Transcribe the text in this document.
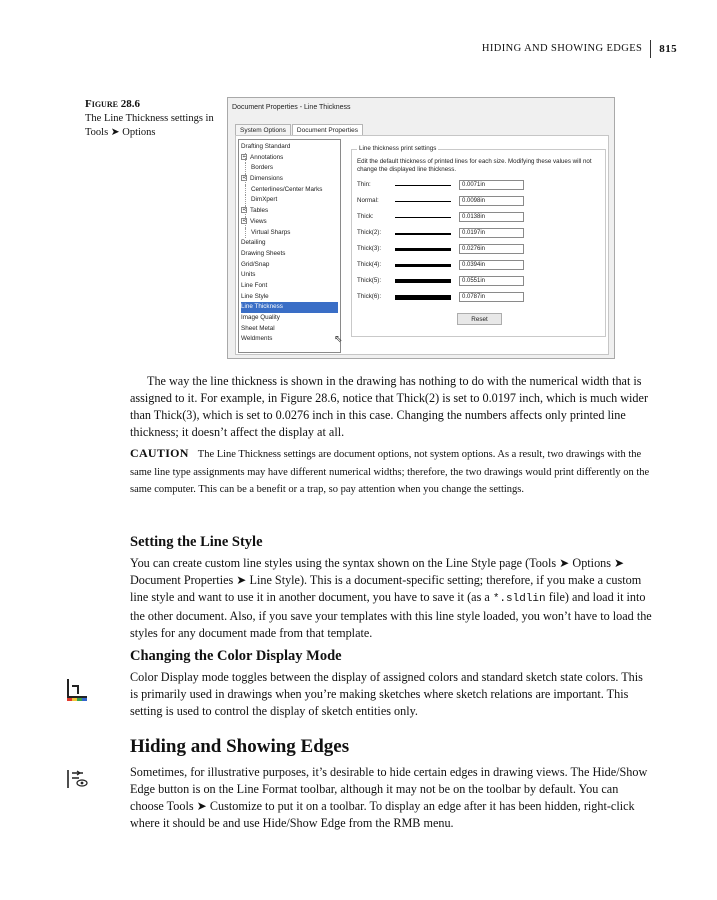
HIDING AND SHOWING EDGES	815
Figure 28.6
The Line Thickness settings in Tools ➤ Options
Document Properties - Line Thickness
System Options	Document Properties
Drafting Standard
+ Annotations
Borders
+ Dimensions
Centerlines/Center Marks
DimXpert
+ Tables
+ Views
Virtual Sharps
Detailing
Drawing Sheets
Grid/Snap
Units
Line Font
Line Style
Line Thickness
Image Quality
Sheet Metal
Weldments	⇖
Line thickness print settings
Edit the default thickness of printed lines for each size. Modifying these values will not change the displayed line thickness.
Thin:	0.0071in
Normal:	0.0098in
Thick:	0.0138in
Thick(2):	0.0197in
Thick(3):	0.0276in
Thick(4):	0.0394in
Thick(5):	0.0551in
Thick(6):	0.0787in
Reset

The way the line thickness is shown in the drawing has nothing to do with the numerical width that is assigned to it. For example, in Figure 28.6, notice that Thick(2) is set to 0.0197 inch, which is much wider than Thick(3), which is set to 0.0276 inch in this case. Changing the numbers affects only printed line thickness; it doesn’t affect the display at all.

CAUTION The Line Thickness settings are document options, not system options. As a result, two drawings with the same line type assignments may have different numerical widths; therefore, the two drawings would print differently on the same computer. This can be a benefit or a trap, so pay attention when you change the settings.
Setting the Line Style

You can create custom line styles using the syntax shown on the Line Style page (Tools ➤ Options ➤ Document Properties ➤ Line Style). This is a document-specific setting; therefore, if you make a custom line style and want to use it in another document, you have to save it (as a *.sldlin file) and load it into the other document. Also, if you save your templates with this line style loaded, you won’t have to load the styles for any document made from that template.

Changing the Color Display Mode

Color Display mode toggles between the display of assigned colors and standard sketch state colors. This is primarily used in drawings when you’re making sketches where sketch relations are important. This setting is used to control the display of sketch entities only.

Hiding and Showing Edges

Sometimes, for illustrative purposes, it’s desirable to hide certain edges in drawing views. The Hide/Show Edge button is on the Line Format toolbar, although it may not be on the toolbar by default. You can choose Tools ➤ Customize to put it on a toolbar. To display an edge after it has been hidden, right-click where it should be and use Hide/Show Edge from the RMB menu.
